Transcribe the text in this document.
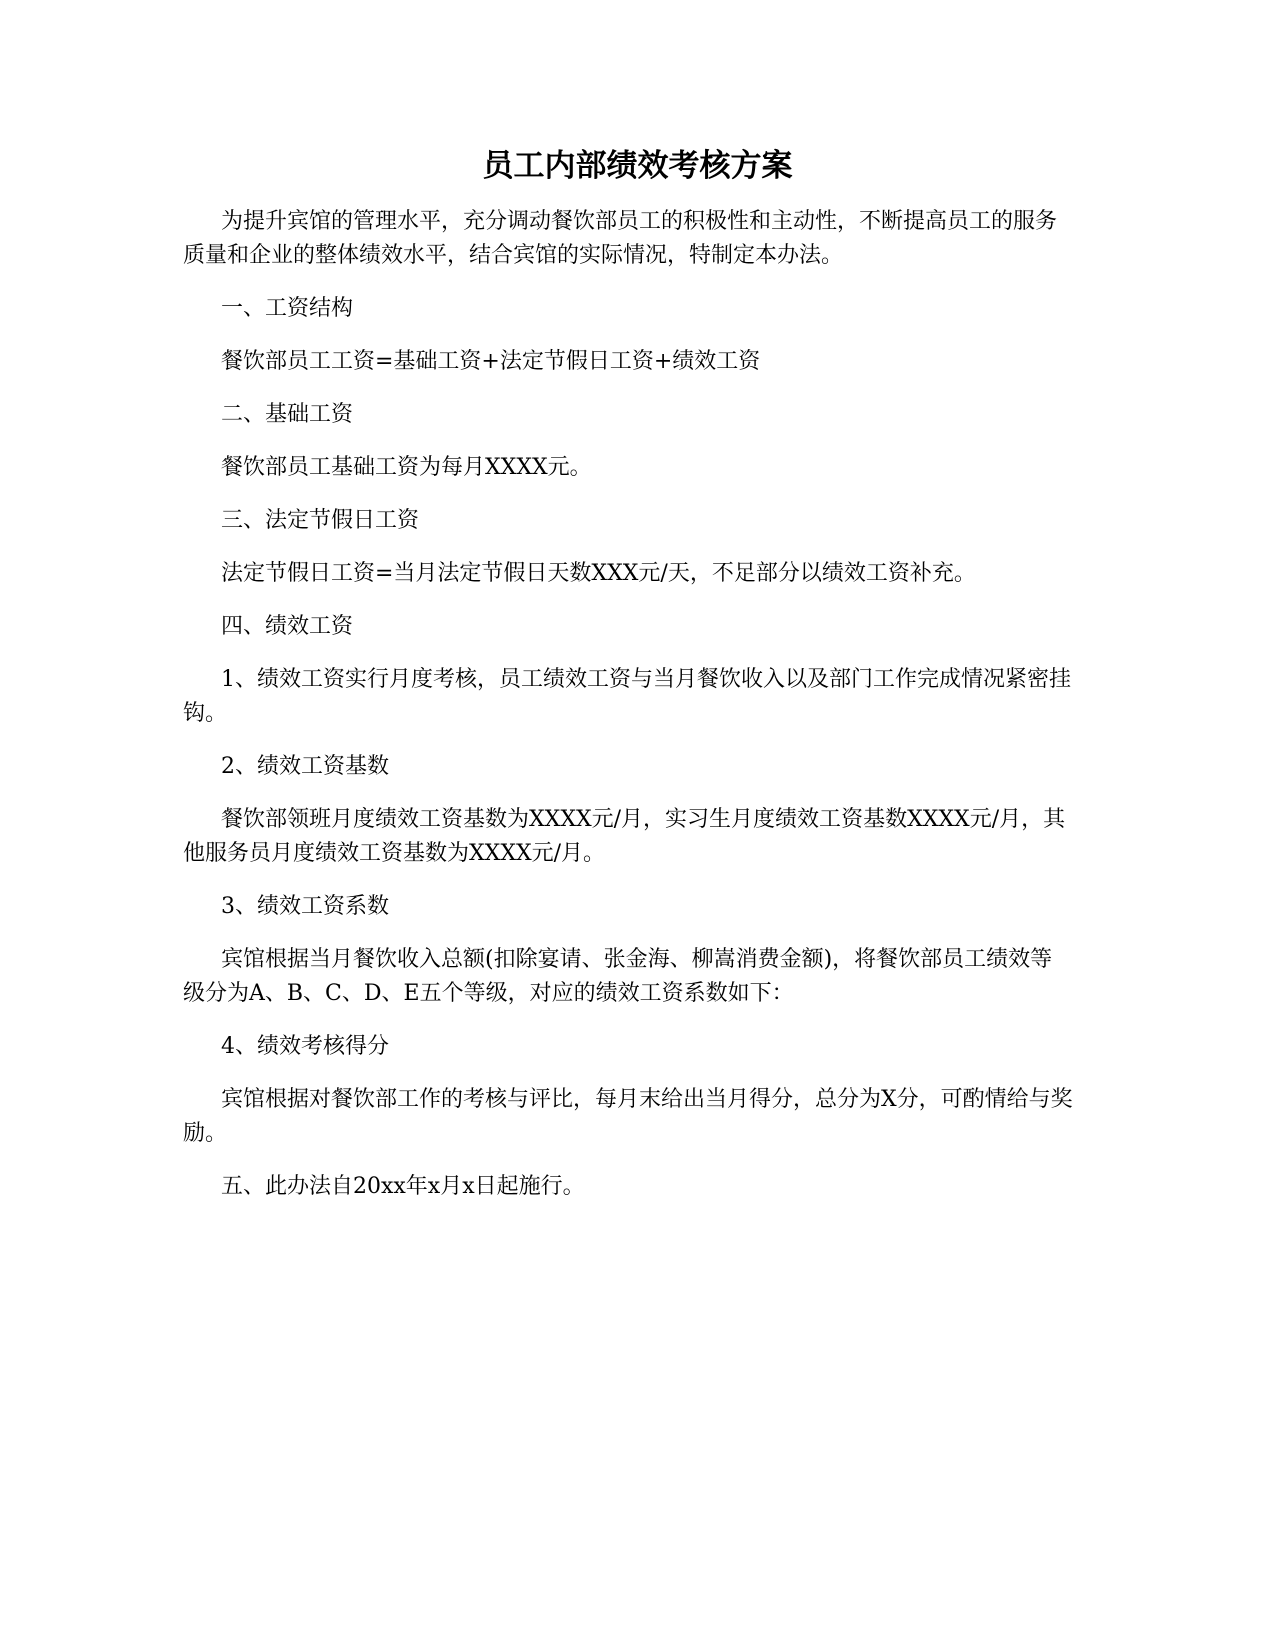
员工内部绩效考核方案

为提升宾馆的管理水平，充分调动餐饮部员工的积极性和主动性，不断提高员工的服务质量和企业的整体绩效水平，结合宾馆的实际情况，特制定本办法。

一、工资结构

餐饮部员工工资=基础工资+法定节假日工资+绩效工资

二、基础工资

餐饮部员工基础工资为每月XXXX元。

三、法定节假日工资

法定节假日工资=当月法定节假日天数XXX元/天，不足部分以绩效工资补充。

四、绩效工资

1、绩效工资实行月度考核，员工绩效工资与当月餐饮收入以及部门工作完成情况紧密挂钩。

2、绩效工资基数

餐饮部领班月度绩效工资基数为XXXX元/月，实习生月度绩效工资基数XXXX元/月，其他服务员月度绩效工资基数为XXXX元/月。

3、绩效工资系数

宾馆根据当月餐饮收入总额(扣除宴请、张金海、柳嵩消费金额)，将餐饮部员工绩效等级分为A、B、C、D、E五个等级，对应的绩效工资系数如下：

4、绩效考核得分

宾馆根据对餐饮部工作的考核与评比，每月末给出当月得分，总分为X分，可酌情给与奖励。

五、此办法自20xx年x月x日起施行。
